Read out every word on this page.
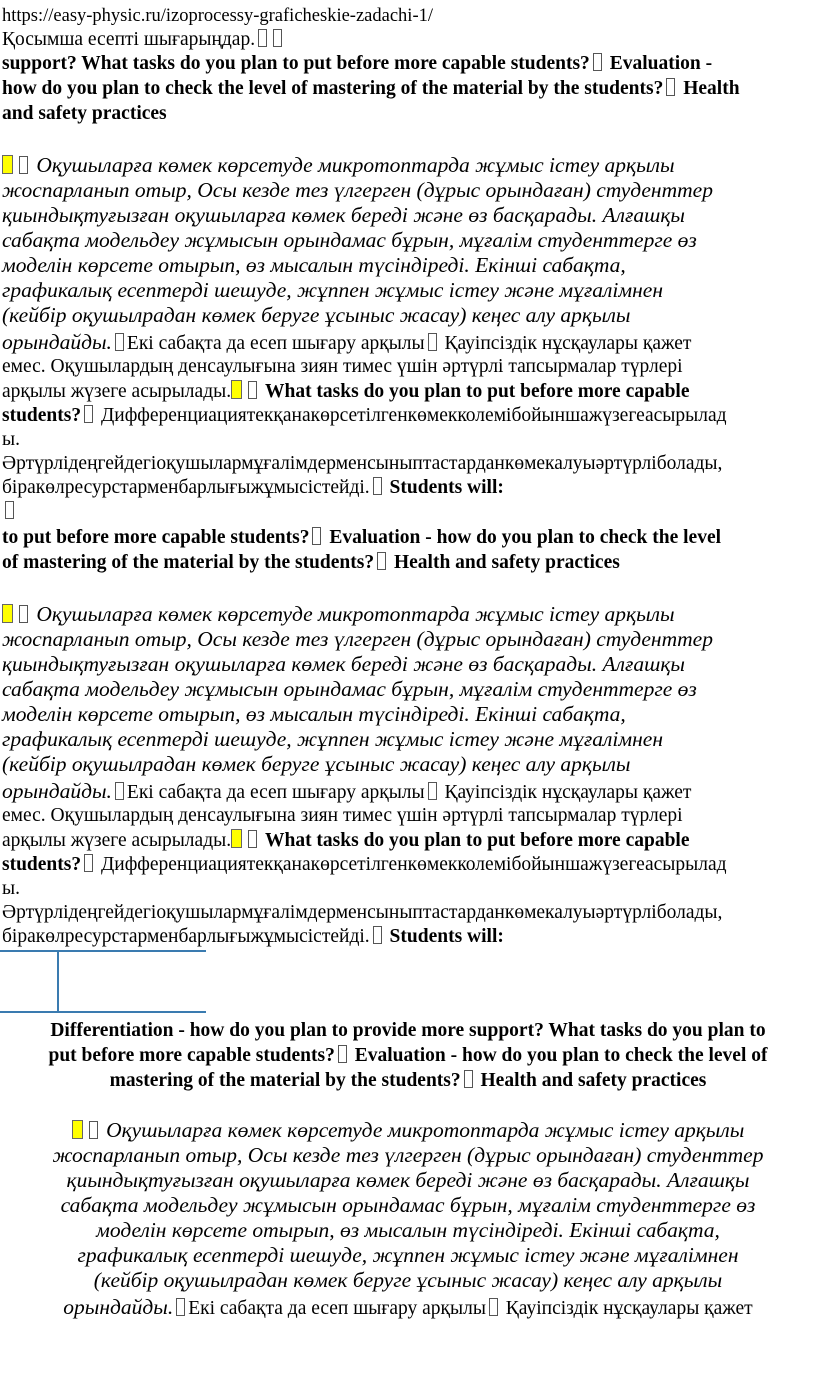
https://easy-physic.ru/izoprocessy-graficheskie-zadachi-1/
Қосымша есепті шығарыңдар.
support? What tasks do you plan to put before more capable students? Evaluation -
how do you plan to check the level of mastering of the material by the students? Health
and safety practices
Оқушыларға көмек көрсетуде микротоптарда жұмыс істеу арқылы
жоспарланып отыр, Осы кезде тез үлгерген (дұрыс орындаған) студенттер
қиындықтуғызған оқушыларға көмек береді және өз басқарады. Алғашқы
сабақта модельдеу жұмысын орындамас бұрын, мұғалім студенттерге өз
моделін көрсете отырып, өз мысалын түсіндіреді. Екінші сабақта,
графикалық есептерді шешуде, жұппен жұмыс істеу және мұғалімнен
(кейбір оқушылрадан көмек беруге ұсыныс жасау) кеңес алу арқылы
орындайды. Екі сабақта да есеп шығару арқылы Қауіпсіздік нұсқаулары қажет
емес. Оқушылардың денсаулығына зиян тимес үшін әртүрлі тапсырмалар түрлері
арқылы жүзеге асырылады. What tasks do you plan to put before more capable
students? Дифференциациятекқанакөрсетілгенкөмекколемібойыншажүзегеасырылад
ы.
Әртүрлідеңгейдегіоқушылармұғалімдерменсыныптастарданкөмекалуыәртүрліболады,
біракөлресурстарменбарлығыжұмысістейді. Students will:
to put before more capable students? Evaluation - how do you plan to check the level
of mastering of the material by the students? Health and safety practices
Оқушыларға көмек көрсетуде микротоптарда жұмыс істеу арқылы
жоспарланып отыр, Осы кезде тез үлгерген (дұрыс орындаған) студенттер
қиындықтуғызған оқушыларға көмек береді және өз басқарады. Алғашқы
сабақта модельдеу жұмысын орындамас бұрын, мұғалім студенттерге өз
моделін көрсете отырып, өз мысалын түсіндіреді. Екінші сабақта,
графикалық есептерді шешуде, жұппен жұмыс істеу және мұғалімнен
(кейбір оқушылрадан көмек беруге ұсыныс жасау) кеңес алу арқылы
орындайды. Екі сабақта да есеп шығару арқылы Қауіпсіздік нұсқаулары қажет
емес. Оқушылардың денсаулығына зиян тимес үшін әртүрлі тапсырмалар түрлері
арқылы жүзеге асырылады. What tasks do you plan to put before more capable
students? Дифференциациятекқанакөрсетілгенкөмекколемібойыншажүзегеасырылад
ы.
Әртүрлідеңгейдегіоқушылармұғалімдерменсыныптастарданкөмекалуыәртүрліболады,
біракөлресурстарменбарлығыжұмысістейді. Students will:
Differentiation - how do you plan to provide more support? What tasks do you plan to
put before more capable students? Evaluation - how do you plan to check the level of
mastering of the material by the students? Health and safety practices
Оқушыларға көмек көрсетуде микротоптарда жұмыс істеу арқылы
жоспарланып отыр, Осы кезде тез үлгерген (дұрыс орындаған) студенттер
қиындықтуғызған оқушыларға көмек береді және өз басқарады. Алғашқы
сабақта модельдеу жұмысын орындамас бұрын, мұғалім студенттерге өз
моделін көрсете отырып, өз мысалын түсіндіреді. Екінші сабақта,
графикалық есептерді шешуде, жұппен жұмыс істеу және мұғалімнен
(кейбір оқушылрадан көмек беруге ұсыныс жасау) кеңес алу арқылы
орындайды. Екі сабақта да есеп шығару арқылы Қауіпсіздік нұсқаулары қажет
